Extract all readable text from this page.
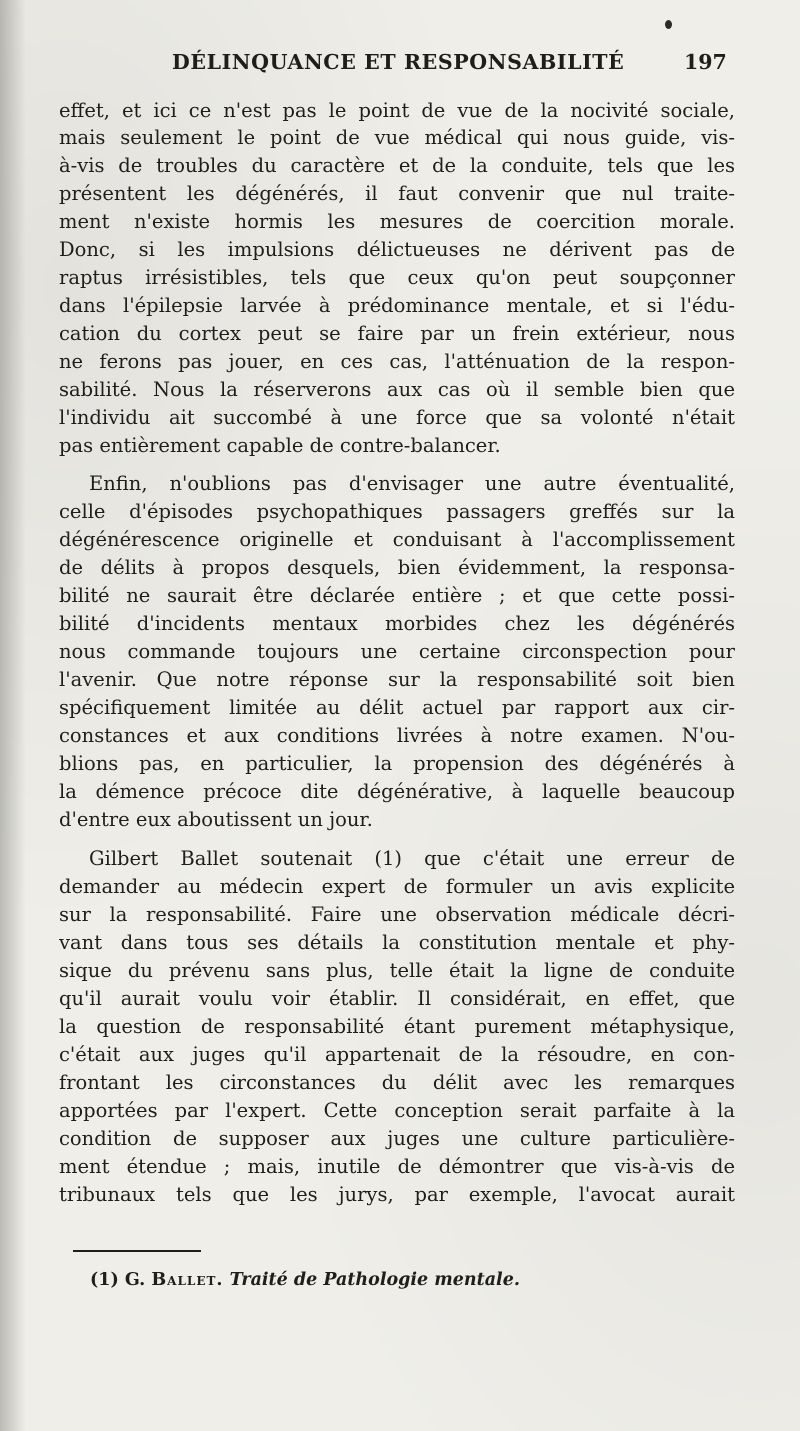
DÉLINQUANCE ET RESPONSABILITÉ	197
effet, et ici ce n'est pas le point de vue de la nocivité sociale,
mais seulement le point de vue médical qui nous guide, vis-
à-vis de troubles du caractère et de la conduite, tels que les
présentent les dégénérés, il faut convenir que nul traite-
ment n'existe hormis les mesures de coercition morale.
Donc, si les impulsions délictueuses ne dérivent pas de
raptus irrésistibles, tels que ceux qu'on peut soupçonner
dans l'épilepsie larvée à prédominance mentale, et si l'édu-
cation du cortex peut se faire par un frein extérieur, nous
ne ferons pas jouer, en ces cas, l'atténuation de la respon-
sabilité. Nous la réserverons aux cas où il semble bien que
l'individu ait succombé à une force que sa volonté n'était
pas entièrement capable de contre-balancer.
Enfin, n'oublions pas d'envisager une autre éventualité,
celle d'épisodes psychopathiques passagers greffés sur la
dégénérescence originelle et conduisant à l'accomplissement
de délits à propos desquels, bien évidemment, la responsa-
bilité ne saurait être déclarée entière ; et que cette possi-
bilité d'incidents mentaux morbides chez les dégénérés
nous commande toujours une certaine circonspection pour
l'avenir. Que notre réponse sur la responsabilité soit bien
spécifiquement limitée au délit actuel par rapport aux cir-
constances et aux conditions livrées à notre examen. N'ou-
blions pas, en particulier, la propension des dégénérés à
la démence précoce dite dégénérative, à laquelle beaucoup
d'entre eux aboutissent un jour.
Gilbert Ballet soutenait (1) que c'était une erreur de
demander au médecin expert de formuler un avis explicite
sur la responsabilité. Faire une observation médicale décri-
vant dans tous ses détails la constitution mentale et phy-
sique du prévenu sans plus, telle était la ligne de conduite
qu'il aurait voulu voir établir. Il considérait, en effet, que
la question de responsabilité étant purement métaphysique,
c'était aux juges qu'il appartenait de la résoudre, en con-
frontant les circonstances du délit avec les remarques
apportées par l'expert. Cette conception serait parfaite à la
condition de supposer aux juges une culture particulière-
ment étendue ; mais, inutile de démontrer que vis-à-vis de
tribunaux tels que les jurys, par exemple, l'avocat aurait
(1) G. Ballet. Traité de Pathologie mentale.
